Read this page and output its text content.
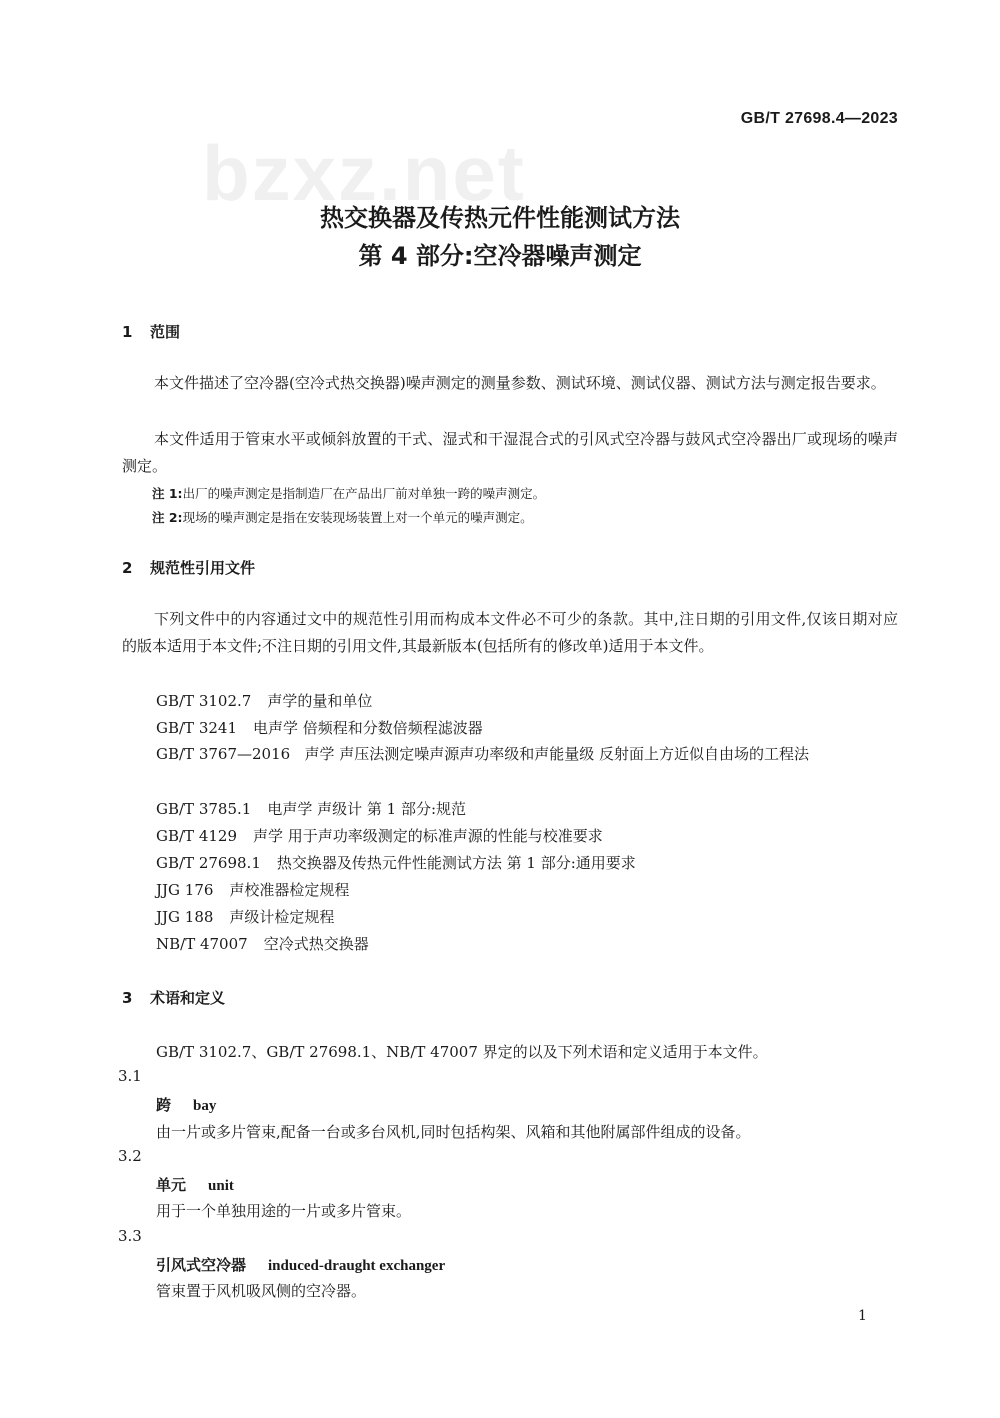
bzxz.net
GB/T 27698.4—2023
热交换器及传热元件性能测试方法
第 4 部分:空冷器噪声测定
1 范围
本文件描述了空冷器(空冷式热交换器)噪声测定的测量参数、测试环境、测试仪器、测试方法与测定报告要求。
本文件适用于管束水平或倾斜放置的干式、湿式和干湿混合式的引风式空冷器与鼓风式空冷器出厂或现场的噪声测定。
注 1:出厂的噪声测定是指制造厂在产品出厂前对单独一跨的噪声测定。
注 2:现场的噪声测定是指在安装现场装置上对一个单元的噪声测定。
2 规范性引用文件
下列文件中的内容通过文中的规范性引用而构成本文件必不可少的条款。其中,注日期的引用文件,仅该日期对应的版本适用于本文件;不注日期的引用文件,其最新版本(包括所有的修改单)适用于本文件。
GB/T 3102.7 声学的量和单位
GB/T 3241 电声学 倍频程和分数倍频程滤波器
GB/T 3767—2016 声学 声压法测定噪声源声功率级和声能量级 反射面上方近似自由场的工程法
GB/T 3785.1 电声学 声级计 第 1 部分:规范
GB/T 4129 声学 用于声功率级测定的标准声源的性能与校准要求
GB/T 27698.1 热交换器及传热元件性能测试方法 第 1 部分:通用要求
JJG 176 声校准器检定规程
JJG 188 声级计检定规程
NB/T 47007 空冷式热交换器
3 术语和定义
GB/T 3102.7、GB/T 27698.1、NB/T 47007 界定的以及下列术语和定义适用于本文件。
3.1
跨 bay
由一片或多片管束,配备一台或多台风机,同时包括构架、风箱和其他附属部件组成的设备。
3.2
单元 unit
用于一个单独用途的一片或多片管束。
3.3
引风式空冷器 induced-draught exchanger
管束置于风机吸风侧的空冷器。
1
